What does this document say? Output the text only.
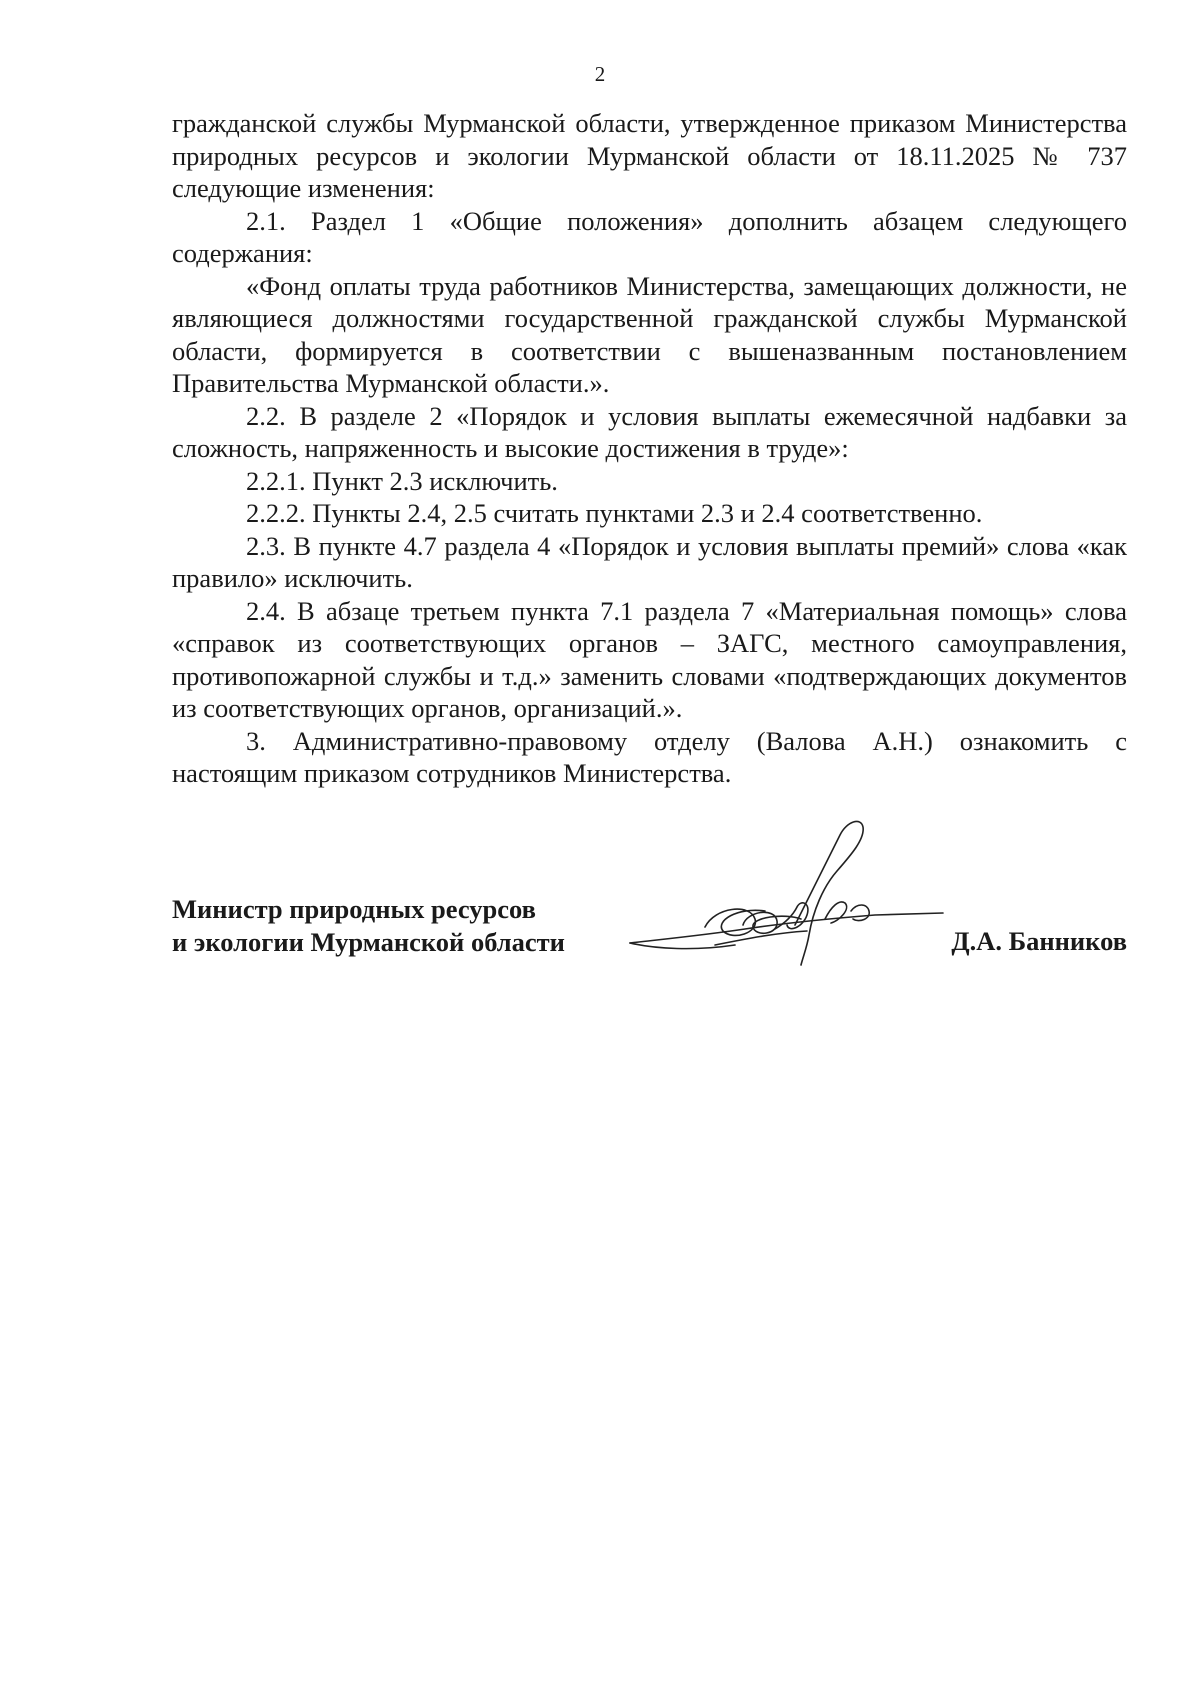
2

гражданской службы Мурманской области, утвержденное приказом Министерства природных ресурсов и экологии Мурманской области от 18.11.2025 № 737 следующие изменения:

2.1. Раздел 1 «Общие положения» дополнить абзацем следующего содержания:

«Фонд оплаты труда работников Министерства, замещающих должности, не являющиеся должностями государственной гражданской службы Мурманской области, формируется в соответствии с вышеназванным постановлением Правительства Мурманской области.».

2.2. В разделе 2 «Порядок и условия выплаты ежемесячной надбавки за сложность, напряженность и высокие достижения в труде»:

2.2.1. Пункт 2.3 исключить.

2.2.2. Пункты 2.4, 2.5 считать пунктами 2.3 и 2.4 соответственно.

2.3. В пункте 4.7 раздела 4 «Порядок и условия выплаты премий» слова «как правило» исключить.

2.4. В абзаце третьем пункта 7.1 раздела 7 «Материальная помощь» слова «справок из соответствующих органов – ЗАГС, местного самоуправления, противопожарной службы и т.д.» заменить словами «подтверждающих документов из соответствующих органов, организаций.».

3. Административно-правовому отделу (Валова А.Н.) ознакомить с настоящим приказом сотрудников Министерства.

Министр природных ресурсов
и экологии Мурманской области	Д.А. Банников
